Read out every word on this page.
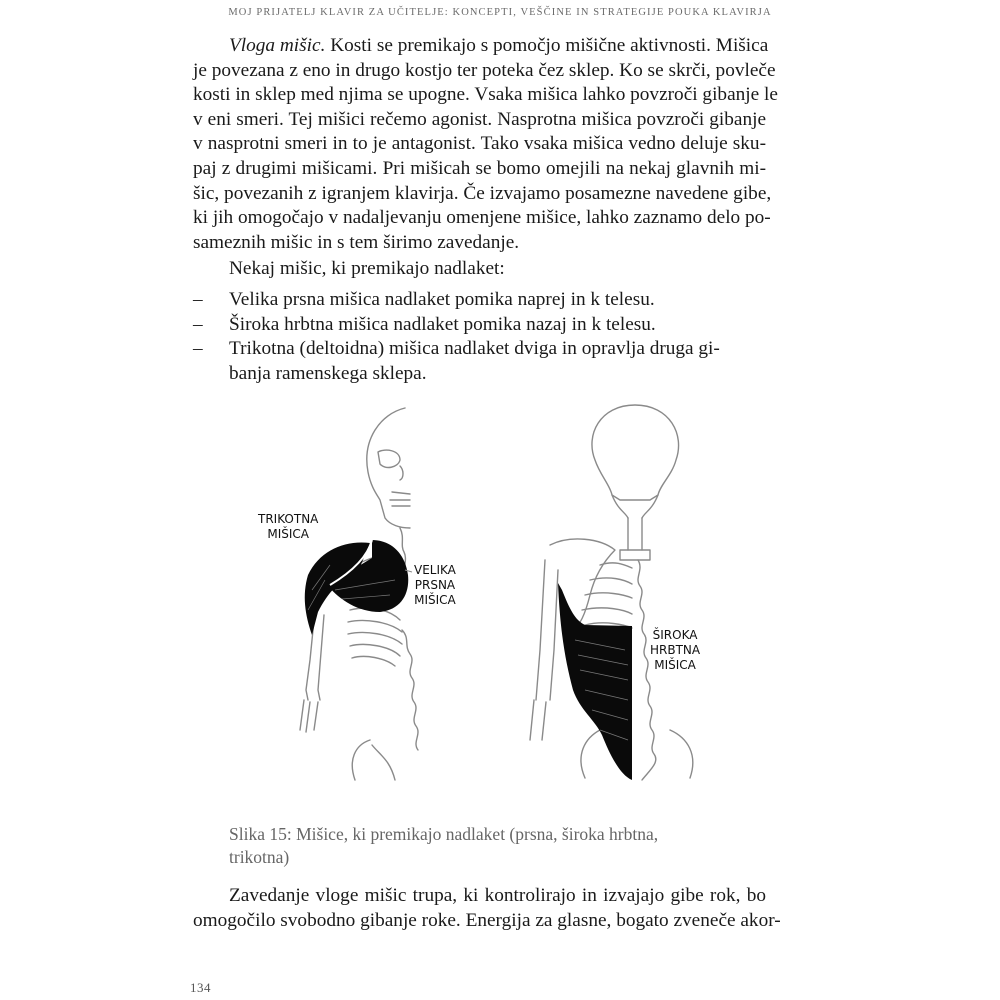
MOJ PRIJATELJ KLAVIR ZA UČITELJE: KONCEPTI, VEŠČINE IN STRATEGIJE POUKA KLAVIRJA
Vloga mišic. Kosti se premikajo s pomočjo mišične aktivnosti. Mišica
je povezana z eno in drugo kostjo ter poteka čez sklep. Ko se skrči, povleče
kosti in sklep med njima se upogne. Vsaka mišica lahko povzroči gibanje le
v eni smeri. Tej mišici rečemo agonist. Nasprotna mišica povzroči gibanje
v nasprotni smeri in to je antagonist. Tako vsaka mišica vedno deluje sku-
paj z drugimi mišicami. Pri mišicah se bomo omejili na nekaj glavnih mi-
šic, povezanih z igranjem klavirja. Če izvajamo posamezne navedene gibe,
ki jih omogočajo v nadaljevanju omenjene mišice, lahko zaznamo delo po-
sameznih mišic in s tem širimo zavedanje.
Nekaj mišic, ki premikajo nadlaket:
– Velika prsna mišica nadlaket pomika naprej in k telesu.
– Široka hrbtna mišica nadlaket pomika nazaj in k telesu.
– Trikotna (deltoidna) mišica nadlaket dviga in opravlja druga gi-
banja ramenskega sklepa.
TRIKOTNA
MIŠICA
VELIKA
PRSNA
MIŠICA
ŠIROKA
HRBTNA
MIŠICA
Slika 15: Mišice, ki premikajo nadlaket (prsna, široka hrbtna,
trikotna)
Zavedanje vloge mišic trupa, ki kontrolirajo in izvajajo gibe rok, bo
omogočilo svobodno gibanje roke. Energija za glasne, bogato zveneče akor-
134
